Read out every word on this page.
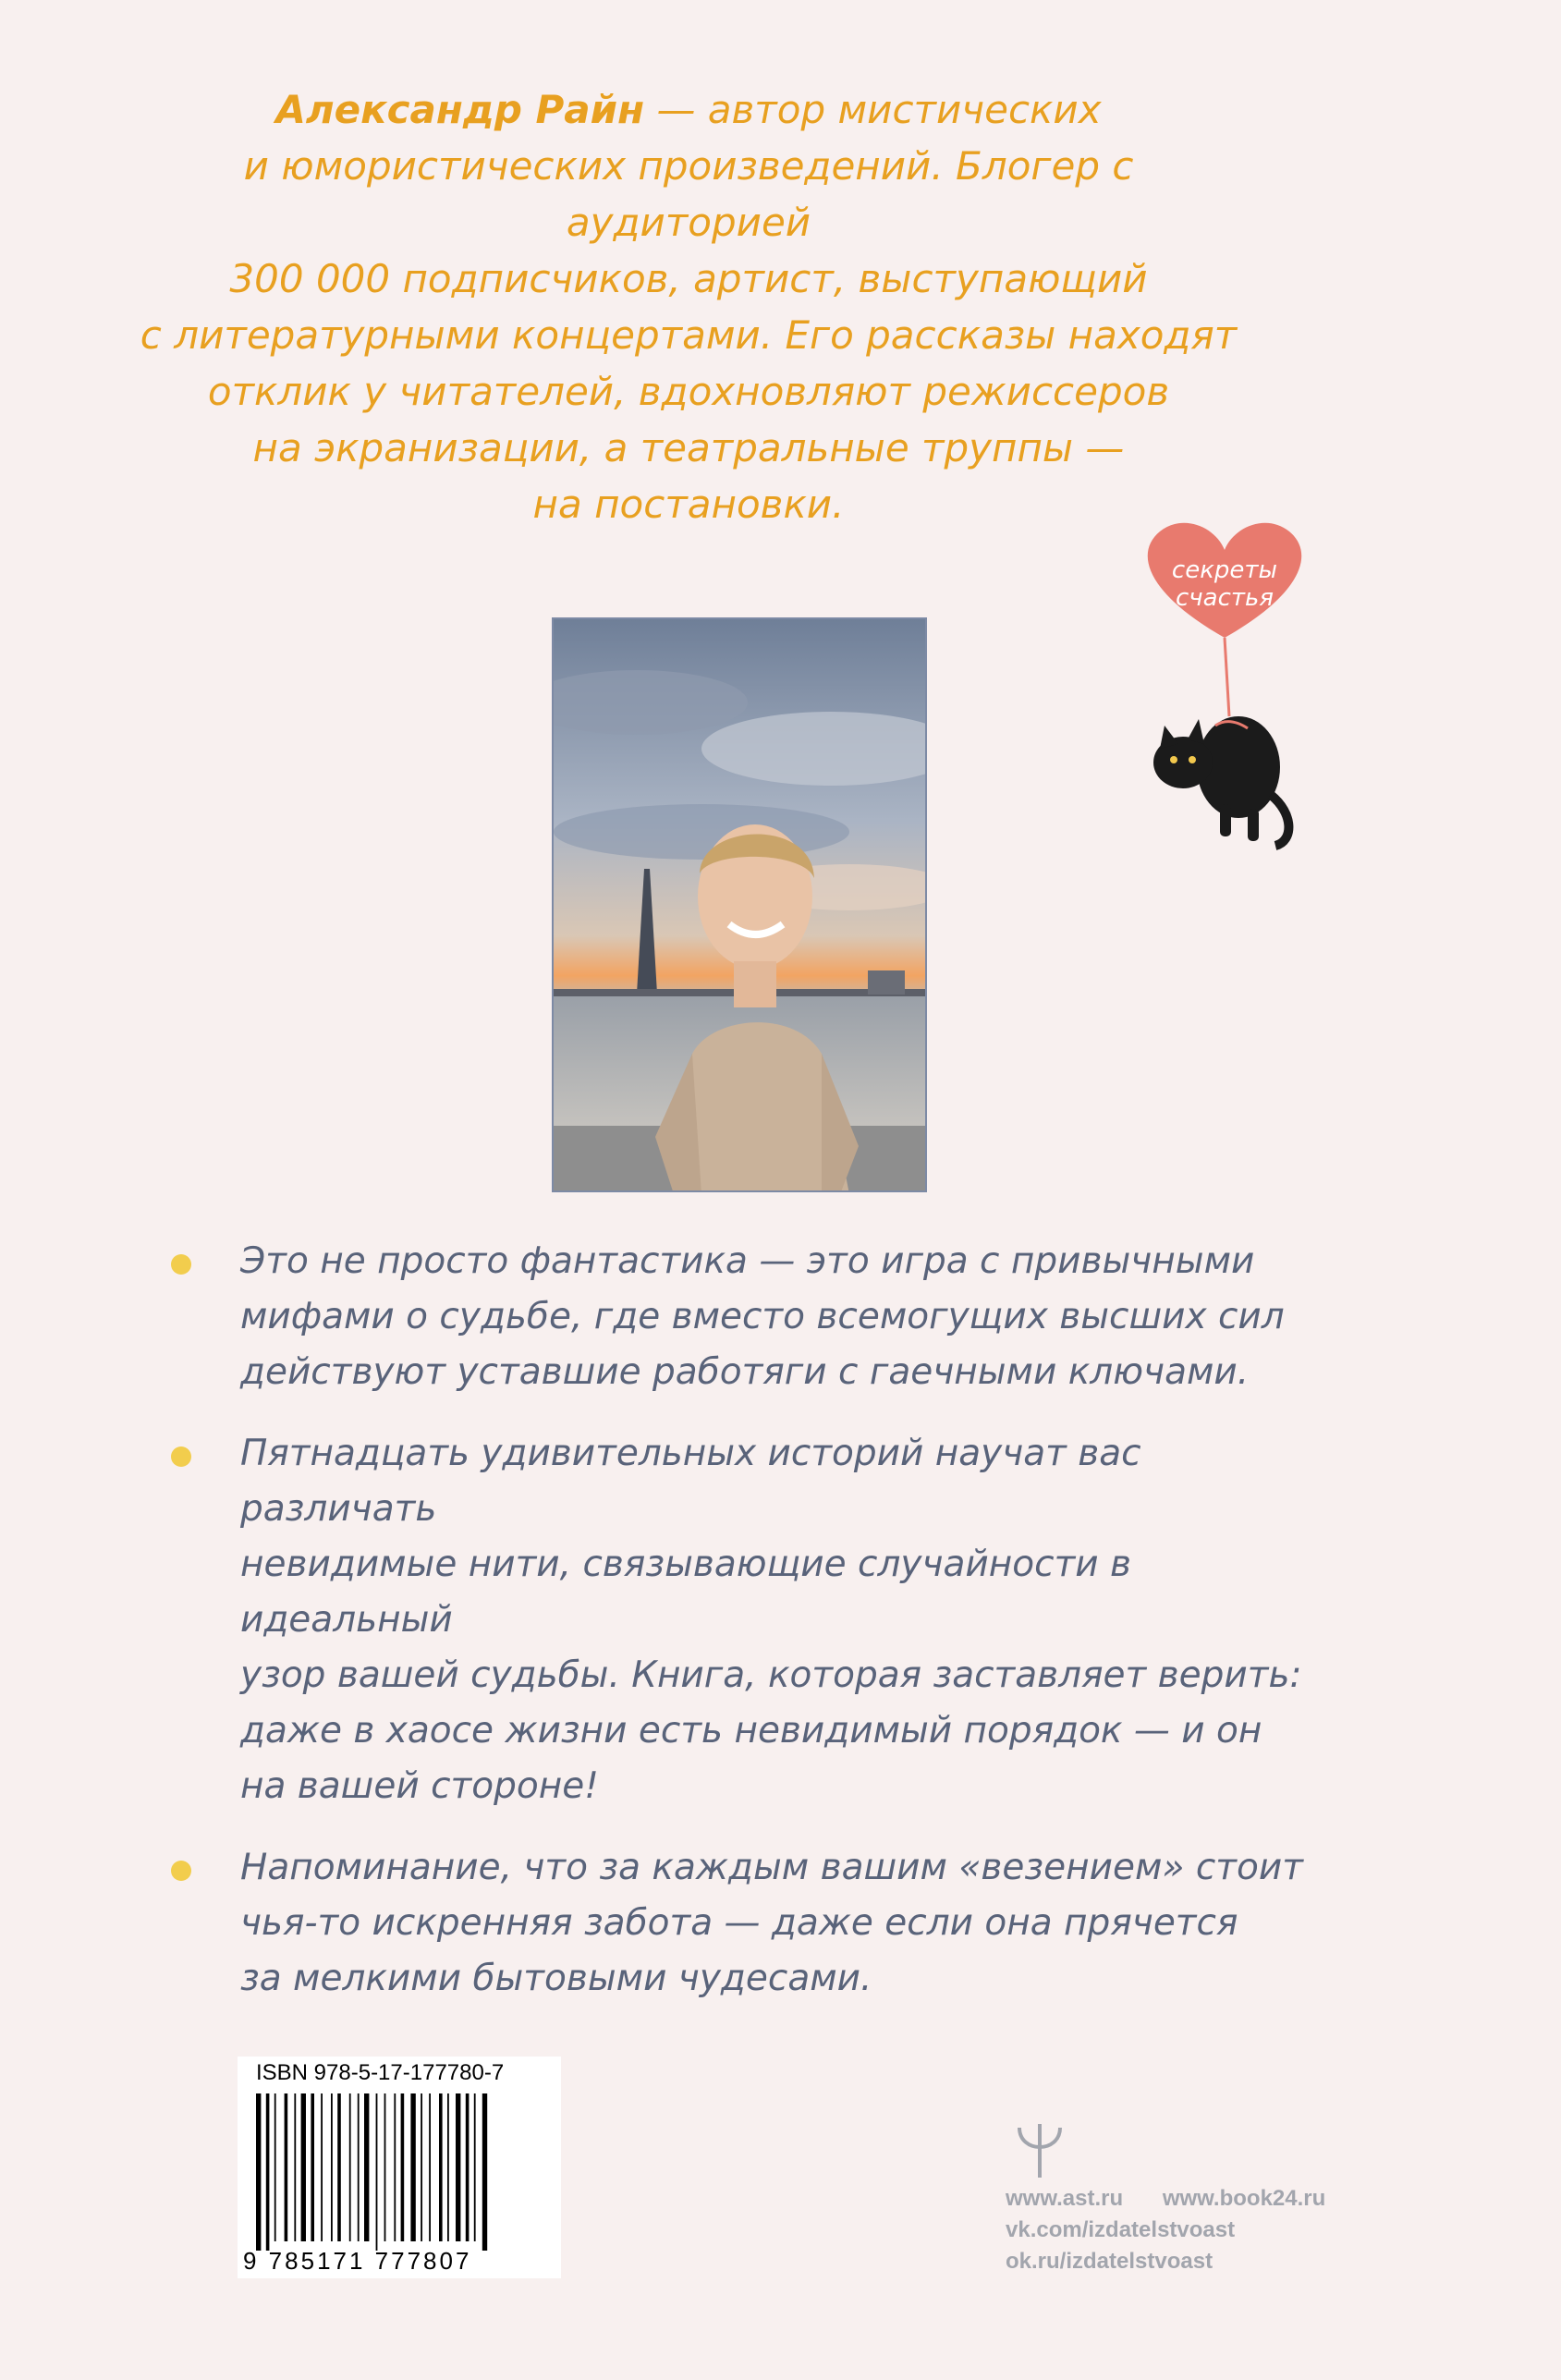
Александр Райн — автор мистических
и юмористических произведений. Блогер с аудиторией
300 000 подписчиков, артист, выступающий
с литературными концертами. Его рассказы находят
отклик у читателей, вдохновляют режиссеров
на экранизации, а театральные труппы —
на постановки.
секреты
счастья
Это не просто фантастика — это игра с привычными
мифами о судьбе, где вместо всемогущих высших сил
действуют уставшие работяги с гаечными ключами.
Пятнадцать удивительных историй научат вас различать
невидимые нити, связывающие случайности в идеальный
узор вашей судьбы. Книга, которая заставляет верить:
даже в хаосе жизни есть невидимый порядок — и он
на вашей стороне!
Напоминание, что за каждым вашим «везением» стоит
чья-то искренняя забота — даже если она прячется
за мелкими бытовыми чудесами.
ISBN 978-5-17-177780-7
9 785171 777807
www.ast.ru www.book24.ru
vk.com/izdatelstvoast
ok.ru/izdatelstvoast
